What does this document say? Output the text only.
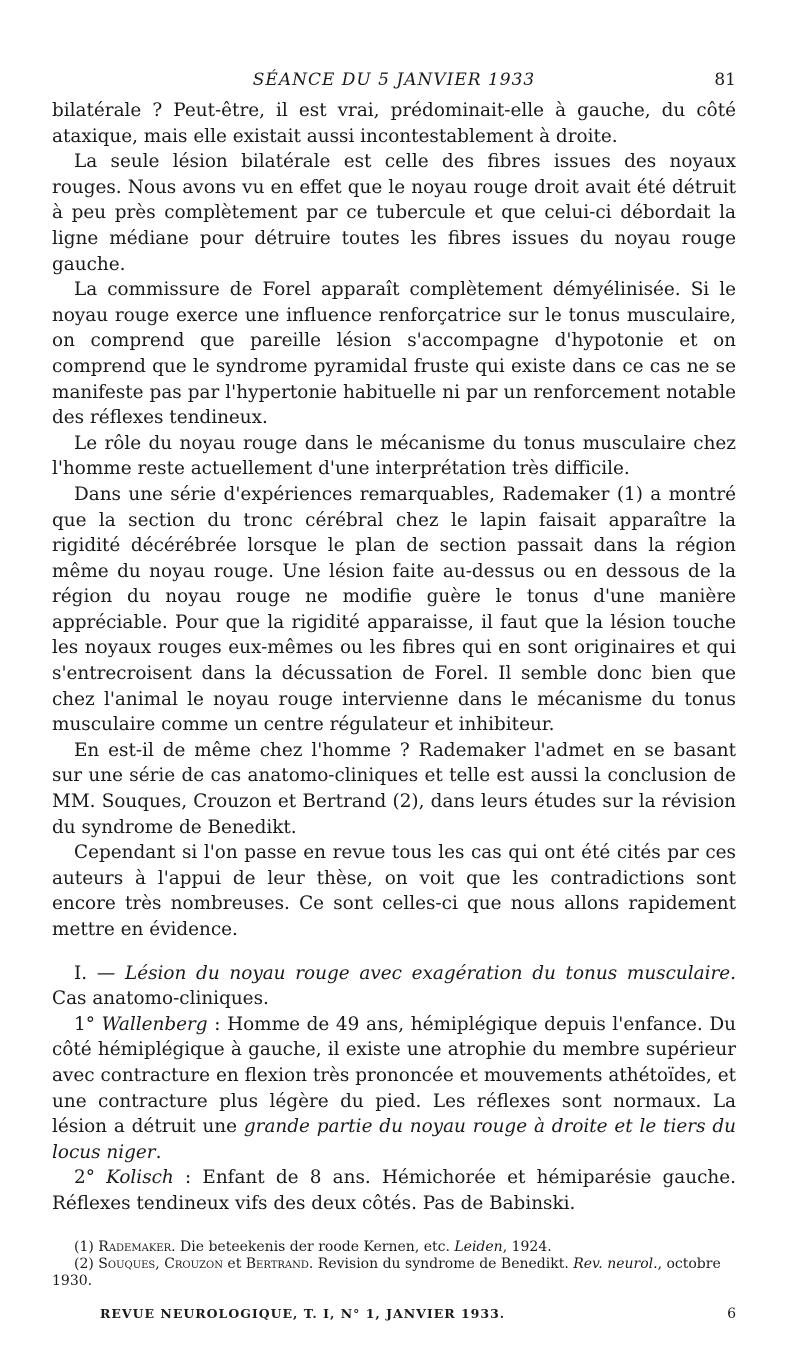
SÉANCE DU 5 JANVIER 1933	81

bilatérale ? Peut-être, il est vrai, prédominait-elle à gauche, du côté ataxique, mais elle existait aussi incontestablement à droite.

La seule lésion bilatérale est celle des fibres issues des noyaux rouges. Nous avons vu en effet que le noyau rouge droit avait été détruit à peu près complètement par ce tubercule et que celui-ci débordait la ligne médiane pour détruire toutes les fibres issues du noyau rouge gauche.

La commissure de Forel apparaît complètement démyélinisée. Si le noyau rouge exerce une influence renforçatrice sur le tonus musculaire, on comprend que pareille lésion s'accompagne d'hypotonie et on comprend que le syndrome pyramidal fruste qui existe dans ce cas ne se manifeste pas par l'hypertonie habituelle ni par un renforcement notable des réflexes tendineux.

Le rôle du noyau rouge dans le mécanisme du tonus musculaire chez l'homme reste actuellement d'une interprétation très difficile.

Dans une série d'expériences remarquables, Rademaker (1) a montré que la section du tronc cérébral chez le lapin faisait apparaître la rigidité décérébrée lorsque le plan de section passait dans la région même du noyau rouge. Une lésion faite au-dessus ou en dessous de la région du noyau rouge ne modifie guère le tonus d'une manière appréciable. Pour que la rigidité apparaisse, il faut que la lésion touche les noyaux rouges eux-mêmes ou les fibres qui en sont originaires et qui s'entrecroisent dans la décussation de Forel. Il semble donc bien que chez l'animal le noyau rouge intervienne dans le mécanisme du tonus musculaire comme un centre régulateur et inhibiteur.

En est-il de même chez l'homme ? Rademaker l'admet en se basant sur une série de cas anatomo-cliniques et telle est aussi la conclusion de MM. Souques, Crouzon et Bertrand (2), dans leurs études sur la révision du syndrome de Benedikt.

Cependant si l'on passe en revue tous les cas qui ont été cités par ces auteurs à l'appui de leur thèse, on voit que les contradictions sont encore très nombreuses. Ce sont celles-ci que nous allons rapidement mettre en évidence.

I. — Lésion du noyau rouge avec exagération du tonus musculaire. Cas anatomo-cliniques.

1° Wallenberg : Homme de 49 ans, hémiplégique depuis l'enfance. Du côté hémiplégique à gauche, il existe une atrophie du membre supérieur avec contracture en flexion très prononcée et mouvements athétoïdes, et une contracture plus légère du pied. Les réflexes sont normaux. La lésion a détruit une grande partie du noyau rouge à droite et le tiers du locus niger.

2° Kolisch : Enfant de 8 ans. Hémichorée et hémiparésie gauche. Réflexes tendineux vifs des deux côtés. Pas de Babinski.

(1) Rademaker. Die beteekenis der roode Kernen, etc. Leiden, 1924.

(2) Souques, Crouzon et Bertrand. Revision du syndrome de Benedikt. Rev. neurol., octobre 1930.

REVUE NEUROLOGIQUE, T. I, N° 1, JANVIER 1933.	6
